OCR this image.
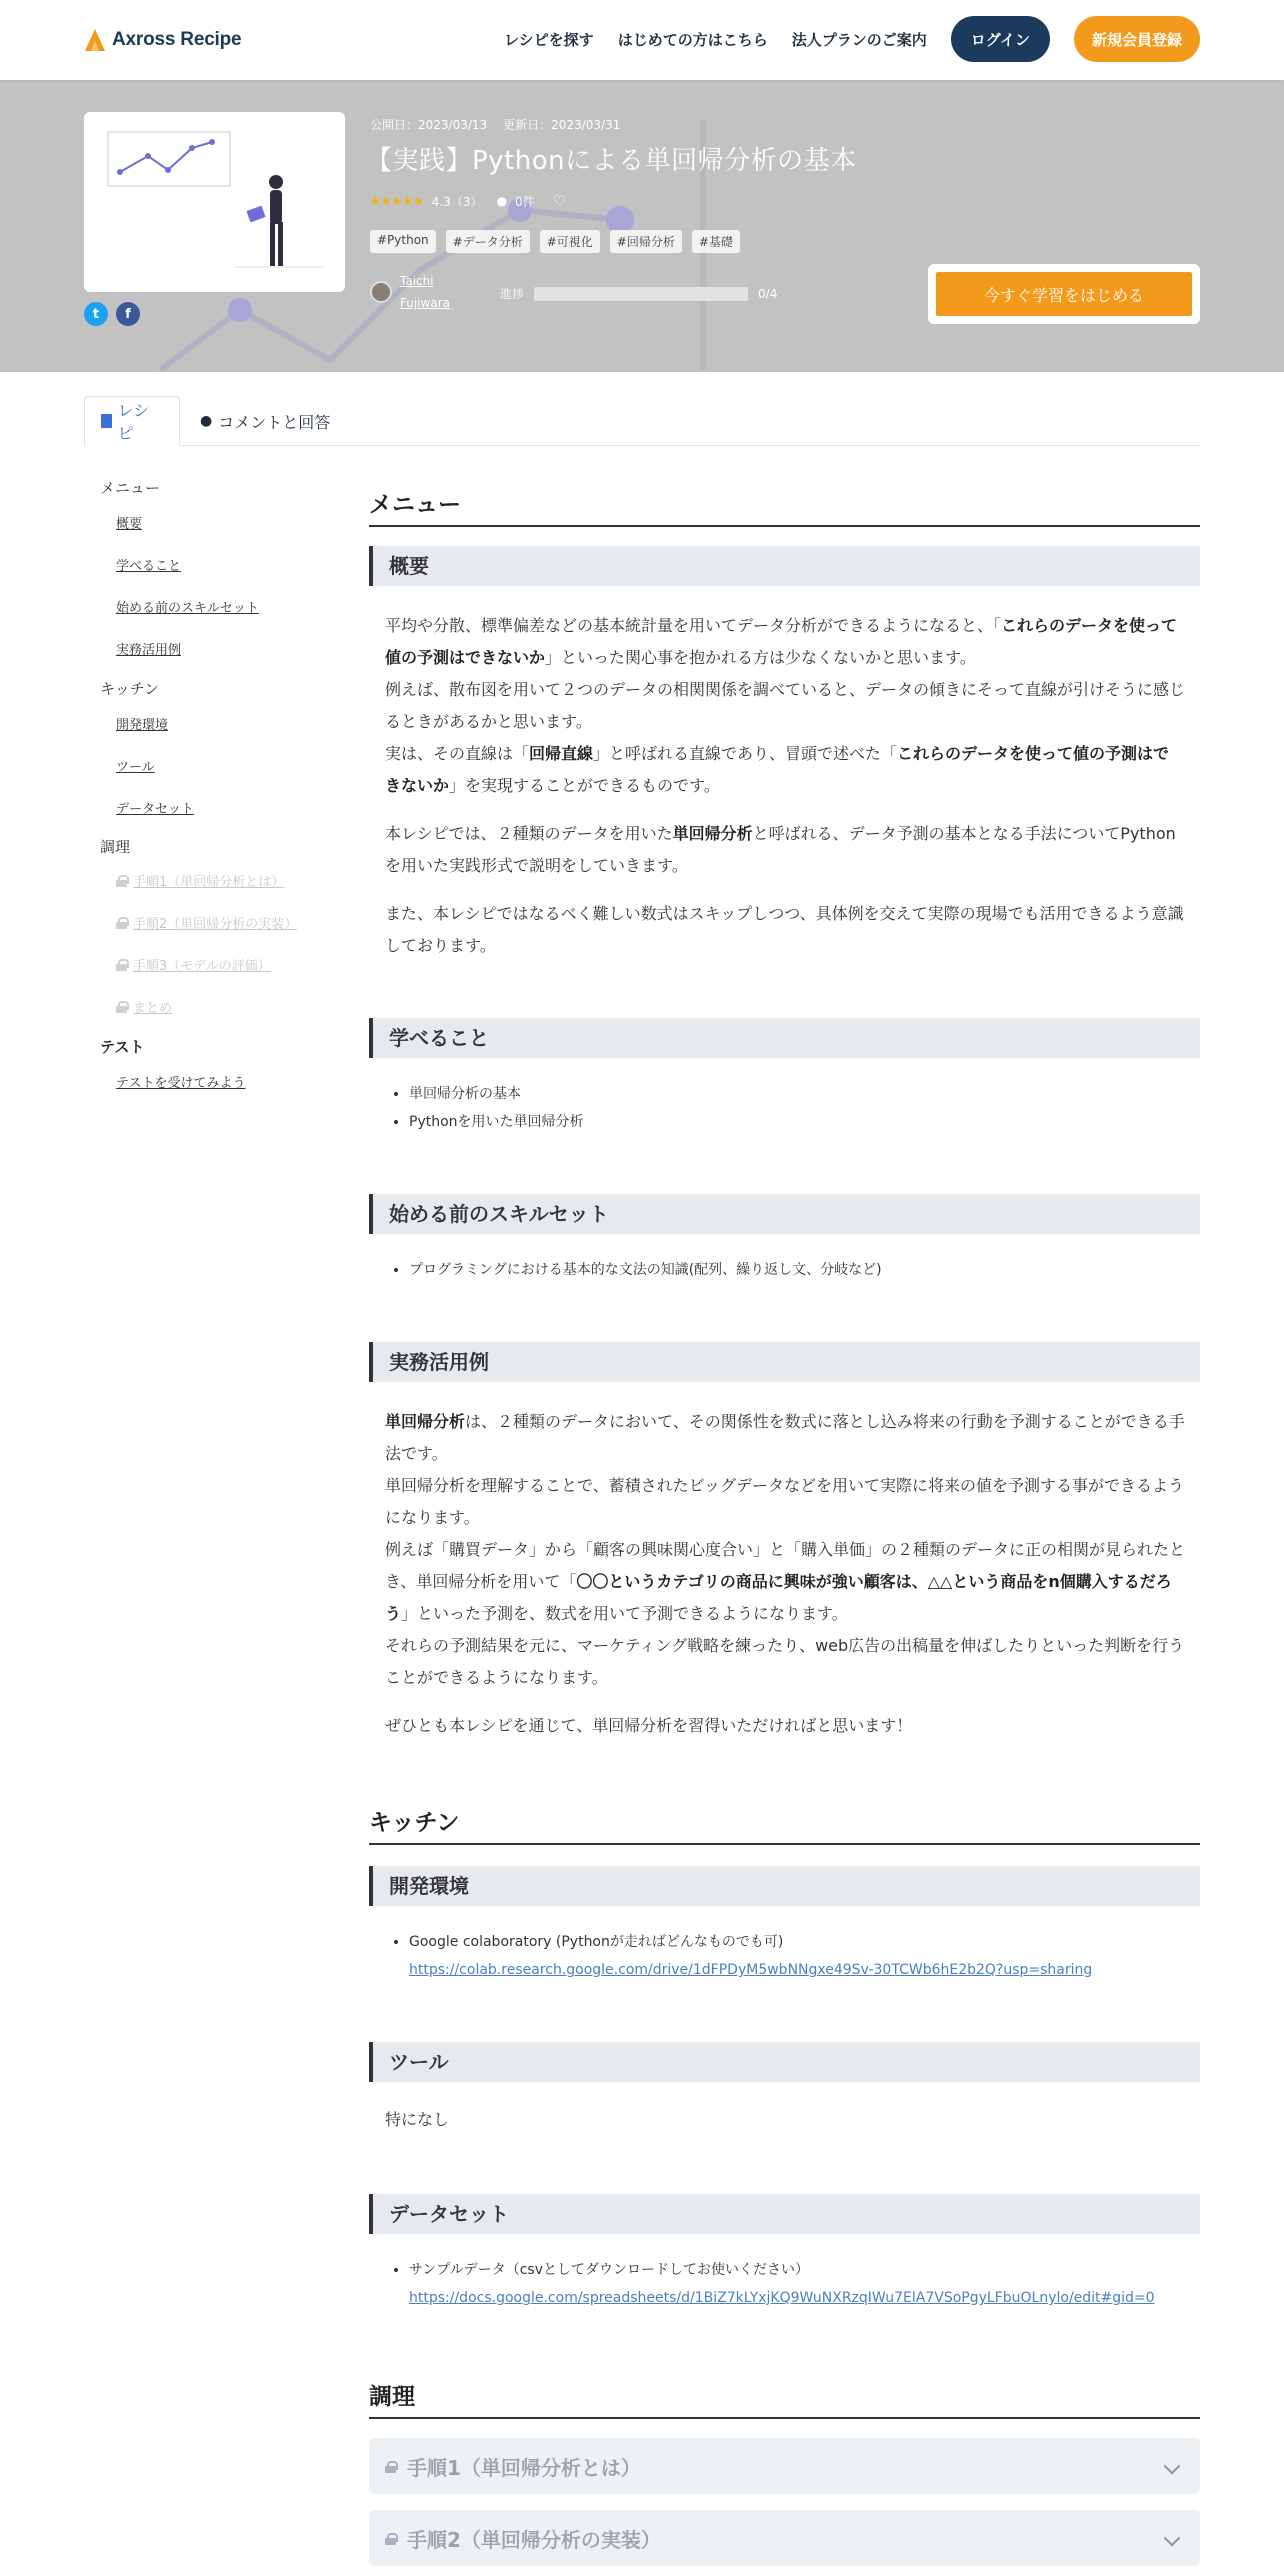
Axross Recipe	レシピを探す はじめての方はこちら 法人プランのご案内	ログイン	新規会員登録
t	f
公開日：2023/03/13 更新日：2023/03/31
【実践】Pythonによる単回帰分析の基本
★★★★★ 4.3（3） ● 0件 ♡
#Python	#データ分析	#可視化	#回帰分析	#基礎
Taichi
Fujiwara
進捗	0/4	今すぐ学習をはじめる
レシピ
● コメントと回答
メニュー
概要
学べること
始める前のスキルセット
実務活用例
キッチン
開発環境
ツール
データセット
調理
手順1（単回帰分析とは）
手順2（単回帰分析の実装）
手順3（モデルの評価）
まとめ
テスト
テストを受けてみよう
メニュー
概要

平均や分散、標準偏差などの基本統計量を用いてデータ分析ができるようになると、「これらのデータを使って値の予測はできないか」といった関心事を抱かれる方は少なくないかと思います。
例えば、散布図を用いて２つのデータの相関関係を調べていると、データの傾きにそって直線が引けそうに感じるときがあるかと思います。
実は、その直線は「回帰直線」と呼ばれる直線であり、冒頭で述べた「これらのデータを使って値の予測はできないか」を実現することができるものです。

本レシピでは、２種類のデータを用いた単回帰分析と呼ばれる、データ予測の基本となる手法についてPythonを用いた実践形式で説明をしていきます。

また、本レシピではなるべく難しい数式はスキップしつつ、具体例を交えて実際の現場でも活用できるよう意識しております。

学べること
• 単回帰分析の基本
• Pythonを用いた単回帰分析
始める前のスキルセット
• プログラミングにおける基本的な文法の知識(配列、繰り返し文、分岐など)
実務活用例

単回帰分析は、２種類のデータにおいて、その関係性を数式に落とし込み将来の行動を予測することができる手法です。
単回帰分析を理解することで、蓄積されたビッグデータなどを用いて実際に将来の値を予測する事ができるようになります。
例えば「購買データ」から「顧客の興味関心度合い」と「購入単価」の２種類のデータに正の相関が見られたとき、単回帰分析を用いて「〇〇というカテゴリの商品に興味が強い顧客は、△△という商品をn個購入するだろう」といった予測を、数式を用いて予測できるようになります。
それらの予測結果を元に、マーケティング戦略を練ったり、web広告の出稿量を伸ばしたりといった判断を行うことができるようになります。

ぜひとも本レシピを通じて、単回帰分析を習得いただければと思います！

キッチン
開発環境
• Google colaboratory (Pythonが走ればどんなものでも可)
https://colab.research.google.com/drive/1dFPDyM5wbNNgxe49Sv-30TCWb6hE2b2Q?usp=sharing
ツール

特になし

データセット
• サンプルデータ（csvとしてダウンロードしてお使いください）
https://docs.google.com/spreadsheets/d/1BiZ7kLYxjKQ9WuNXRzqIWu7ElA7VSoPgyLFbuOLnylo/edit#gid=0
調理
手順1（単回帰分析とは）
手順2（単回帰分析の実装）
